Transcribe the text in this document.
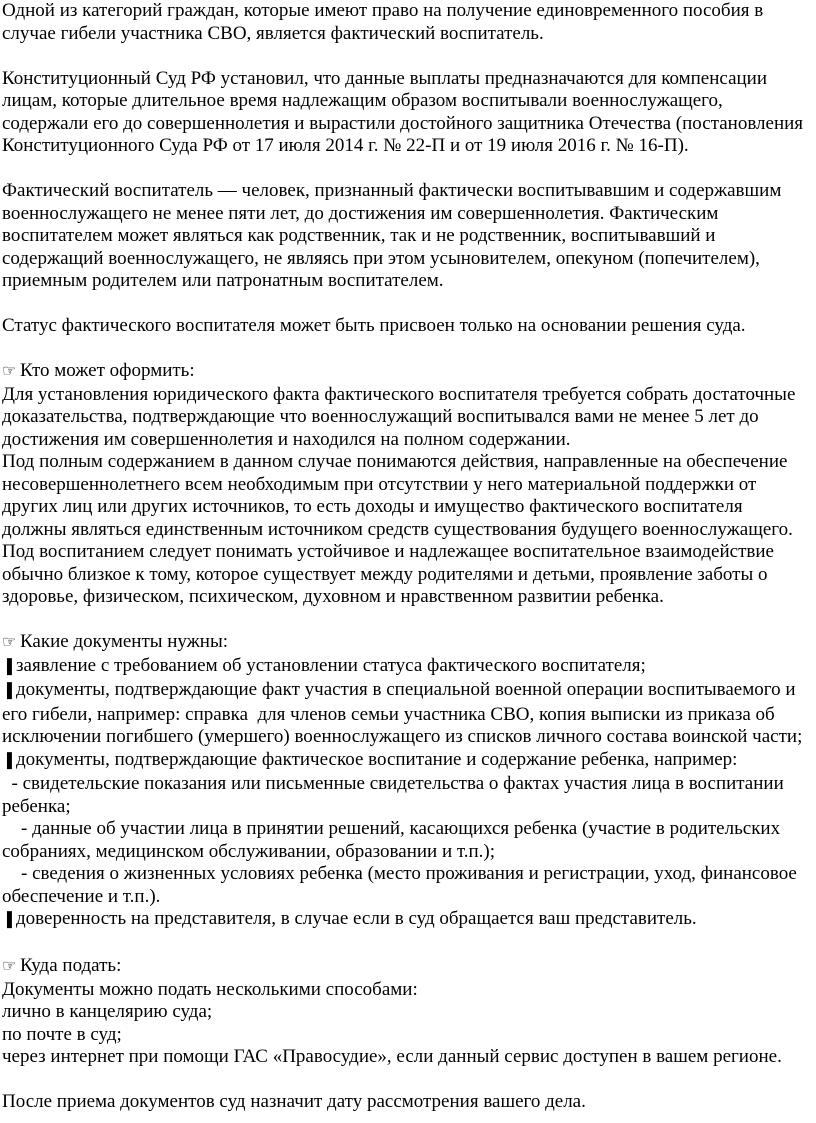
Одной из категорий граждан, которые имеют право на получение единовременного пособия в
случае гибели участника СВО, является фактический воспитатель.
Конституционный Суд РФ установил, что данные выплаты предназначаются для компенсации
лицам, которые длительное время надлежащим образом воспитывали военнослужащего,
содержали его до совершеннолетия и вырастили достойного защитника Отечества (постановления
Конституционного Суда РФ от 17 июля 2014 г. № 22-П и от 19 июля 2016 г. № 16-П).
Фактический воспитатель — человек, признанный фактически воспитывавшим и содержавшим
военнослужащего не менее пяти лет, до достижения им совершеннолетия. Фактическим
воспитателем может являться как родственник, так и не родственник, воспитывавший и
содержащий военнослужащего, не являясь при этом усыновителем, опекуном (попечителем),
приемным родителем или патронатным воспитателем.
Статус фактического воспитателя может быть присвоен только на основании решения суда.
☞ Кто может оформить:
Для установления юридического факта фактического воспитателя требуется собрать достаточные
доказательства, подтверждающие что военнослужащий воспитывался вами не менее 5 лет до
достижения им совершеннолетия и находился на полном содержании.
Под полным содержанием в данном случае понимаются действия, направленные на обеспечение
несовершеннолетнего всем необходимым при отсутствии у него материальной поддержки от
других лиц или других источников, то есть доходы и имущество фактического воспитателя
должны являться единственным источником средств существования будущего военнослужащего.
Под воспитанием следует понимать устойчивое и надлежащее воспитательное взаимодействие
обычно близкое к тому, которое существует между родителями и детьми, проявление заботы о
здоровье, физическом, психическом, духовном и нравственном развитии ребенка.
☞ Какие документы нужны:
▐ заявление с требованием об установлении статуса фактического воспитателя;
▐ документы, подтверждающие факт участия в специальной военной операции воспитываемого и
его гибели, например: справка  для членов семьи участника СВО, копия выписки из приказа об
исключении погибшего (умершего) военнослужащего из списков личного состава воинской части;
▐ документы, подтверждающие фактическое воспитание и содержание ребенка, например:
- свидетельские показания или письменные свидетельства о фактах участия лица в воспитании
ребенка;
- данные об участии лица в принятии решений, касающихся ребенка (участие в родительских
собраниях, медицинском обслуживании, образовании и т.п.);
- сведения о жизненных условиях ребенка (место проживания и регистрации, уход, финансовое
обеспечение и т.п.).
▐ доверенность на представителя, в случае если в суд обращается ваш представитель.
☞ Куда подать:
Документы можно подать несколькими способами:
лично в канцелярию суда;
по почте в суд;
через интернет при помощи ГАС «Правосудие», если данный сервис доступен в вашем регионе.
После приема документов суд назначит дату рассмотрения вашего дела.
